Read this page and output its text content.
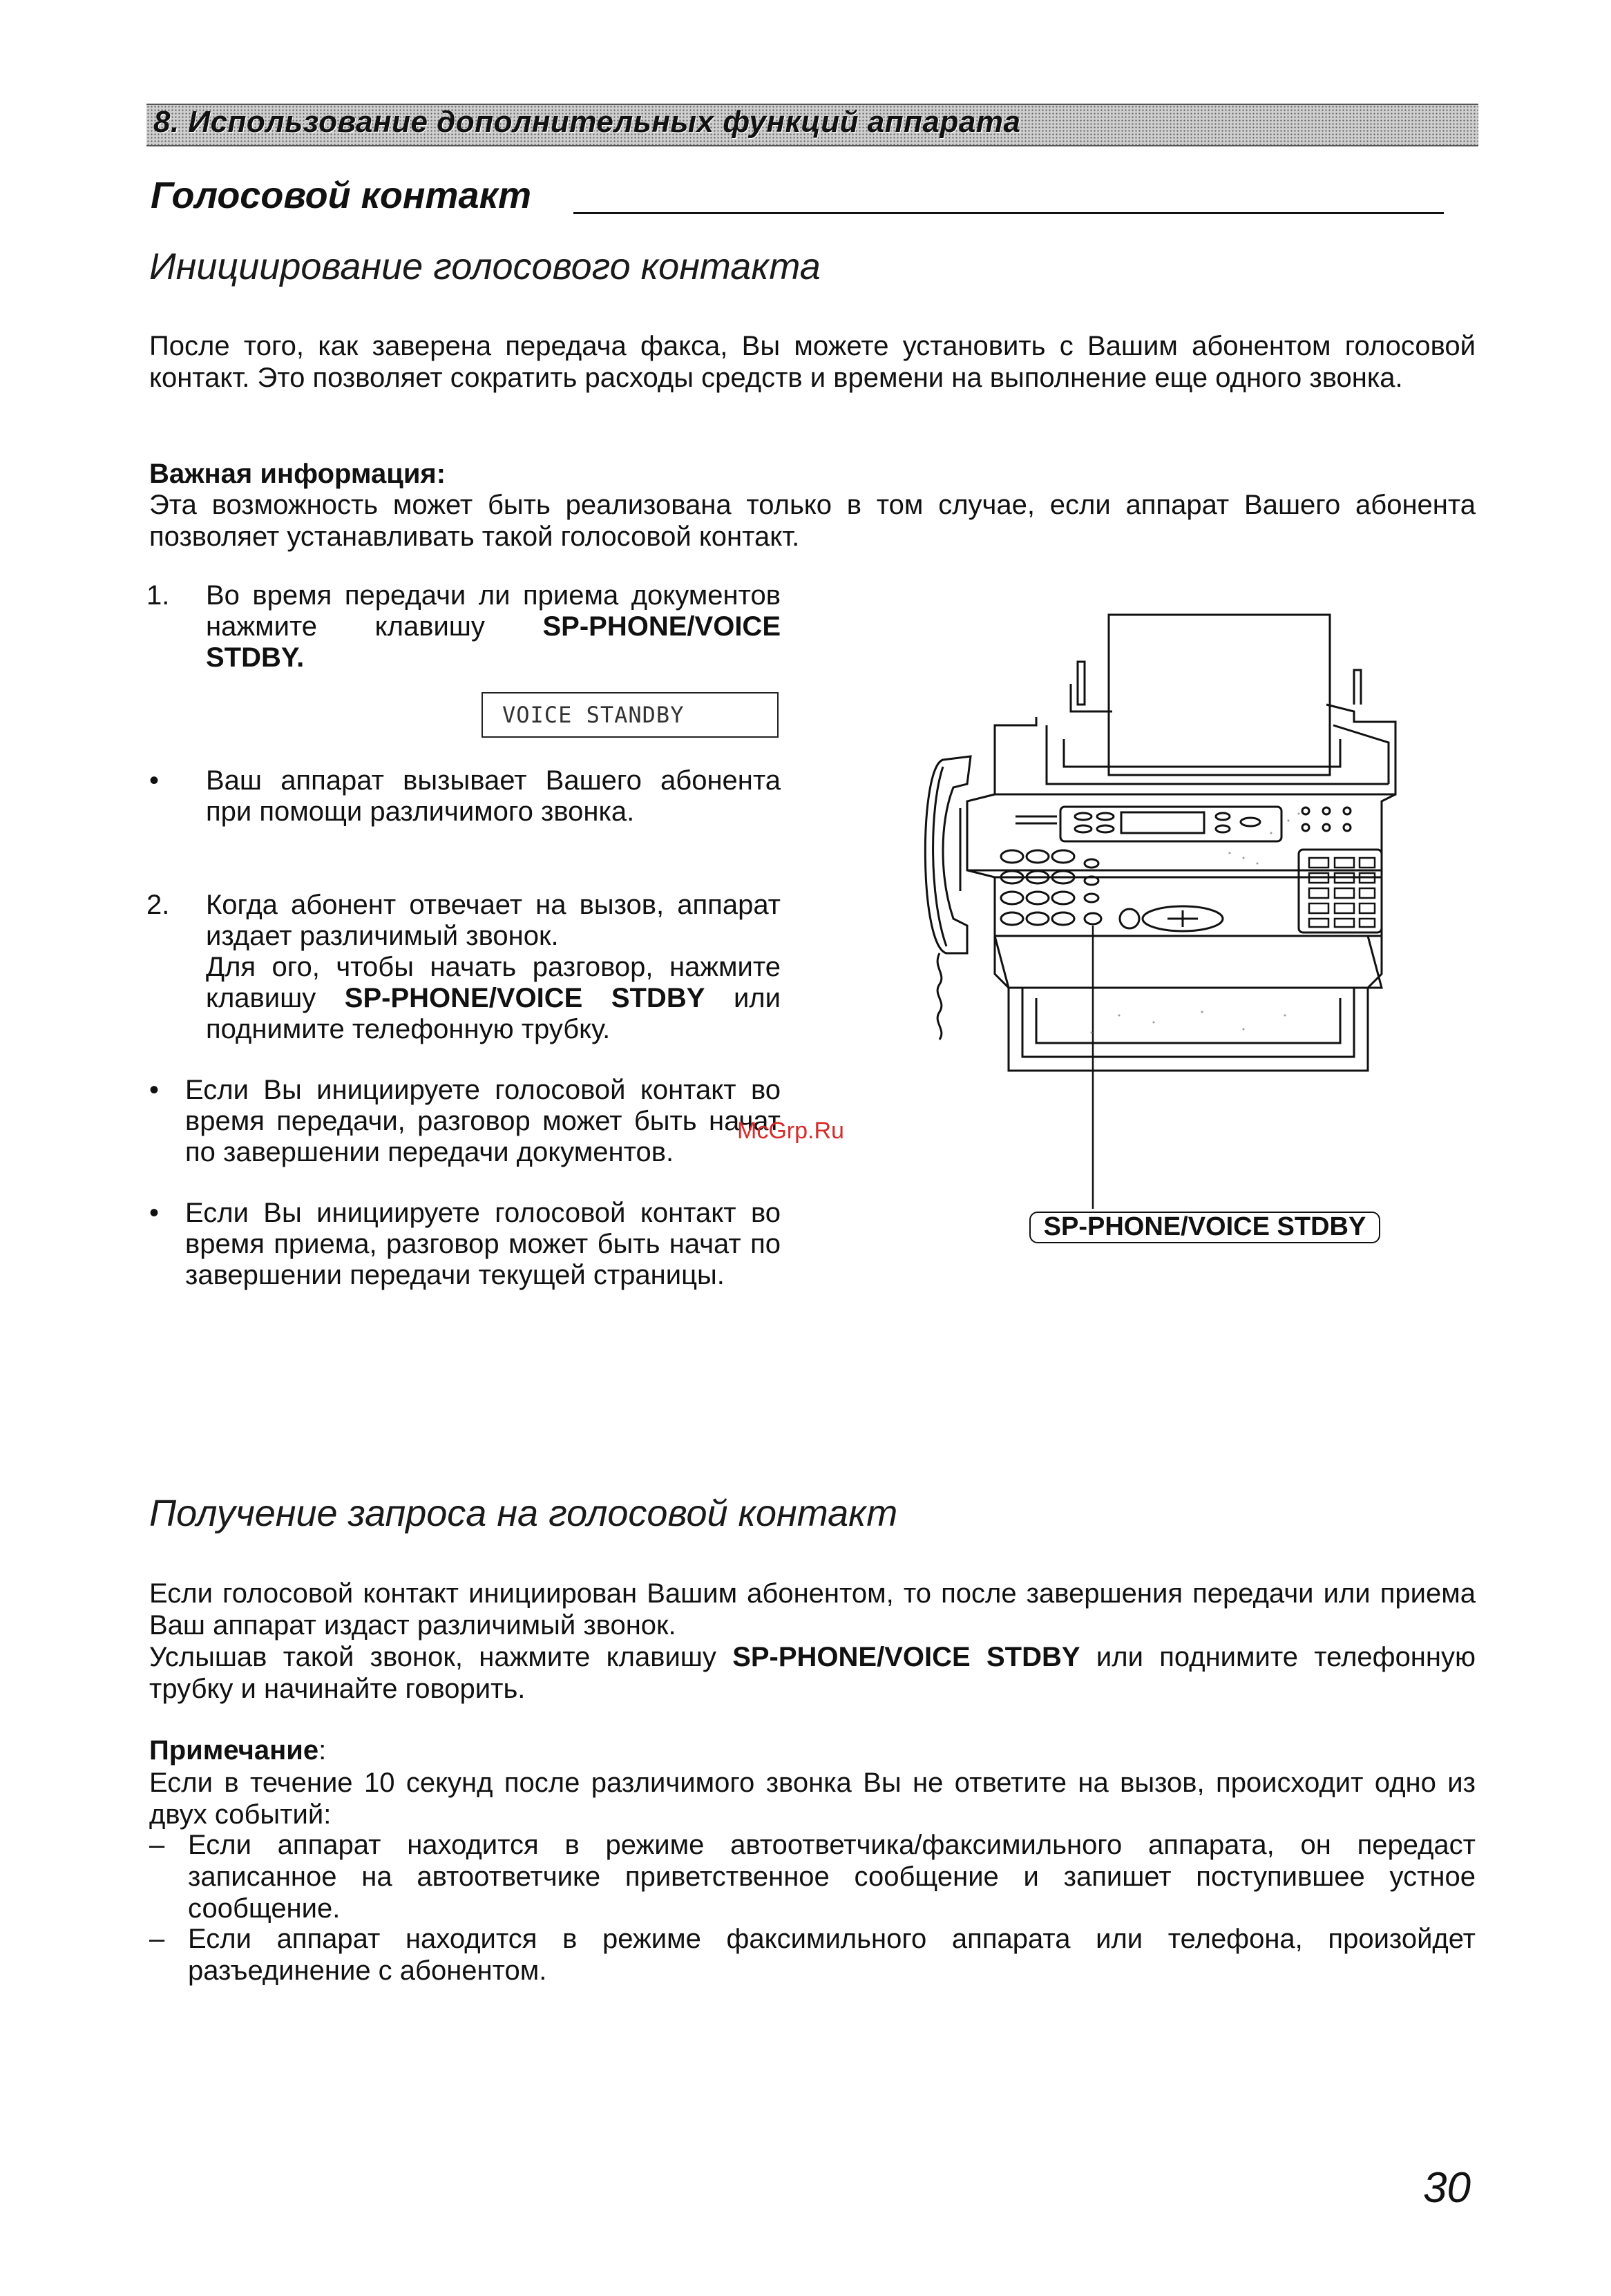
8. Использование дополнительных функций аппарата
Голосовой контакт
Инициирование голосового контакта

После того, как заверена передача факса, Вы можете установить с Вашим абонентом голосовой контакт. Это позволяет сократить расходы средств и времени на выполнение еще одного звонка.

Важная информация:

Эта возможность может быть реализована только в том случае, если аппарат Вашего абонента позволяет устанавливать такой голосовой контакт.

1. Во время передачи ли приема документов нажмите клавишу SP-PHONE/VOICE STDBY.
VOICE STANDBY
• Ваш аппарат вызывает Вашего абонента при помощи различимого звонка.
2. Когда абонент отвечает на вызов, аппарат издает различимый звонок.
Для ого, чтобы начать разговор, нажмите клавишу SP-PHONE/VOICE STDBY или поднимите телефонную трубку.
• Если Вы инициируете голосовой контакт во время передачи, разговор может быть начат по завершении передачи документов.
• Если Вы инициируете голосовой контакт во время приема, разговор может быть начат по завершении передачи текущей страницы.
McGrp.Ru
SP-PHONE/VOICE STDBY
Получение запроса на голосовой контакт

Если голосовой контакт инициирован Вашим абонентом, то после завершения передачи или приема Ваш аппарат издаст различимый звонок.

Услышав такой звонок, нажмите клавишу SP-PHONE/VOICE STDBY или поднимите телефонную трубку и начинайте говорить.

Примечание:

Если в течение 10 секунд после различимого звонка Вы не ответите на вызов, происходит одно из двух событий:

– Если аппарат находится в режиме автоответчика/факсимильного аппарата, он передаст записанное на автоответчике приветственное сообщение и запишет поступившее устное сообщение.
– Если аппарат находится в режиме факсимильного аппарата или телефона, произойдет разъединение с абонентом.
30
